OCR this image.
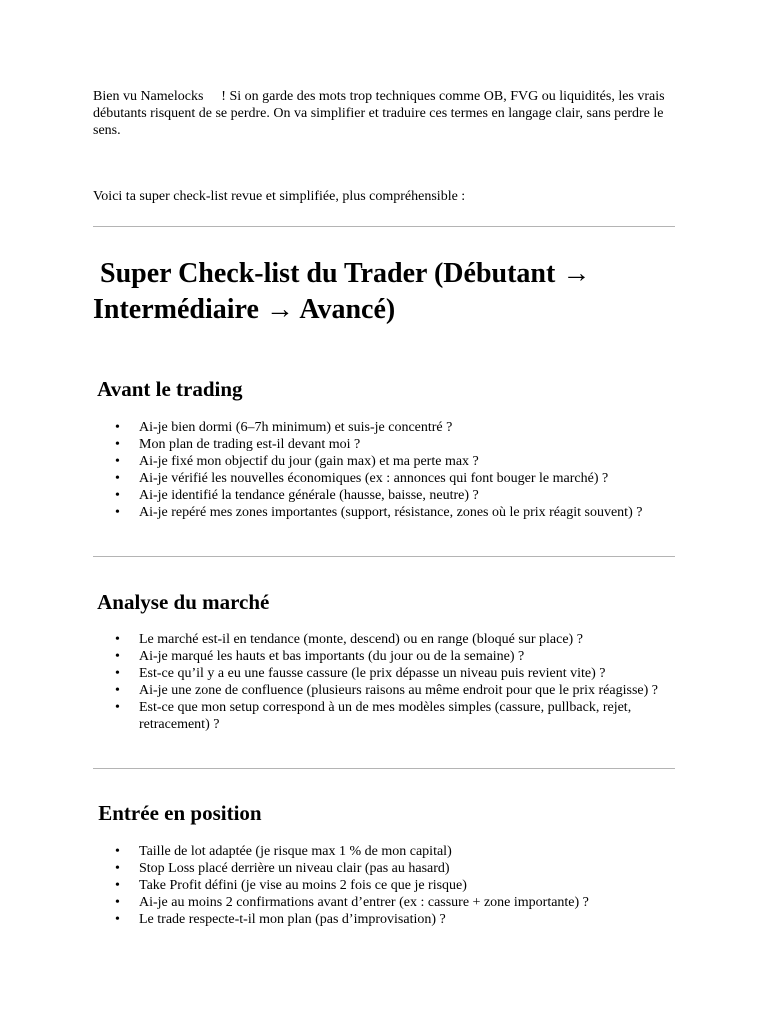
Bien vu Namelocks 󰀀 ! Si on garde des mots trop techniques comme OB, FVG ou liquidités, les vrais débutants risquent de se perdre. On va simplifier et traduire ces termes en langage clair, sans perdre le sens.

Voici ta super check-list revue et simplifiée, plus compréhensible :

Super Check-list du Trader (Débutant → Intermédiaire → Avancé)
Avant le trading
• Ai-je bien dormi (6–7h minimum) et suis-je concentré ?
• Mon plan de trading est-il devant moi ?
• Ai-je fixé mon objectif du jour (gain max) et ma perte max ?
• Ai-je vérifié les nouvelles économiques (ex : annonces qui font bouger le marché) ?
• Ai-je identifié la tendance générale (hausse, baisse, neutre) ?
• Ai-je repéré mes zones importantes (support, résistance, zones où le prix réagit souvent) ?
Analyse du marché
• Le marché est-il en tendance (monte, descend) ou en range (bloqué sur place) ?
• Ai-je marqué les hauts et bas importants (du jour ou de la semaine) ?
• Est-ce qu’il y a eu une fausse cassure (le prix dépasse un niveau puis revient vite) ?
• Ai-je une zone de confluence (plusieurs raisons au même endroit pour que le prix réagisse) ?
• Est-ce que mon setup correspond à un de mes modèles simples (cassure, pullback, rejet, retracement) ?
Entrée en position
• Taille de lot adaptée (je risque max 1 % de mon capital)
• Stop Loss placé derrière un niveau clair (pas au hasard)
• Take Profit défini (je vise au moins 2 fois ce que je risque)
• Ai-je au moins 2 confirmations avant d’entrer (ex : cassure + zone importante) ?
• Le trade respecte-t-il mon plan (pas d’improvisation) ?
